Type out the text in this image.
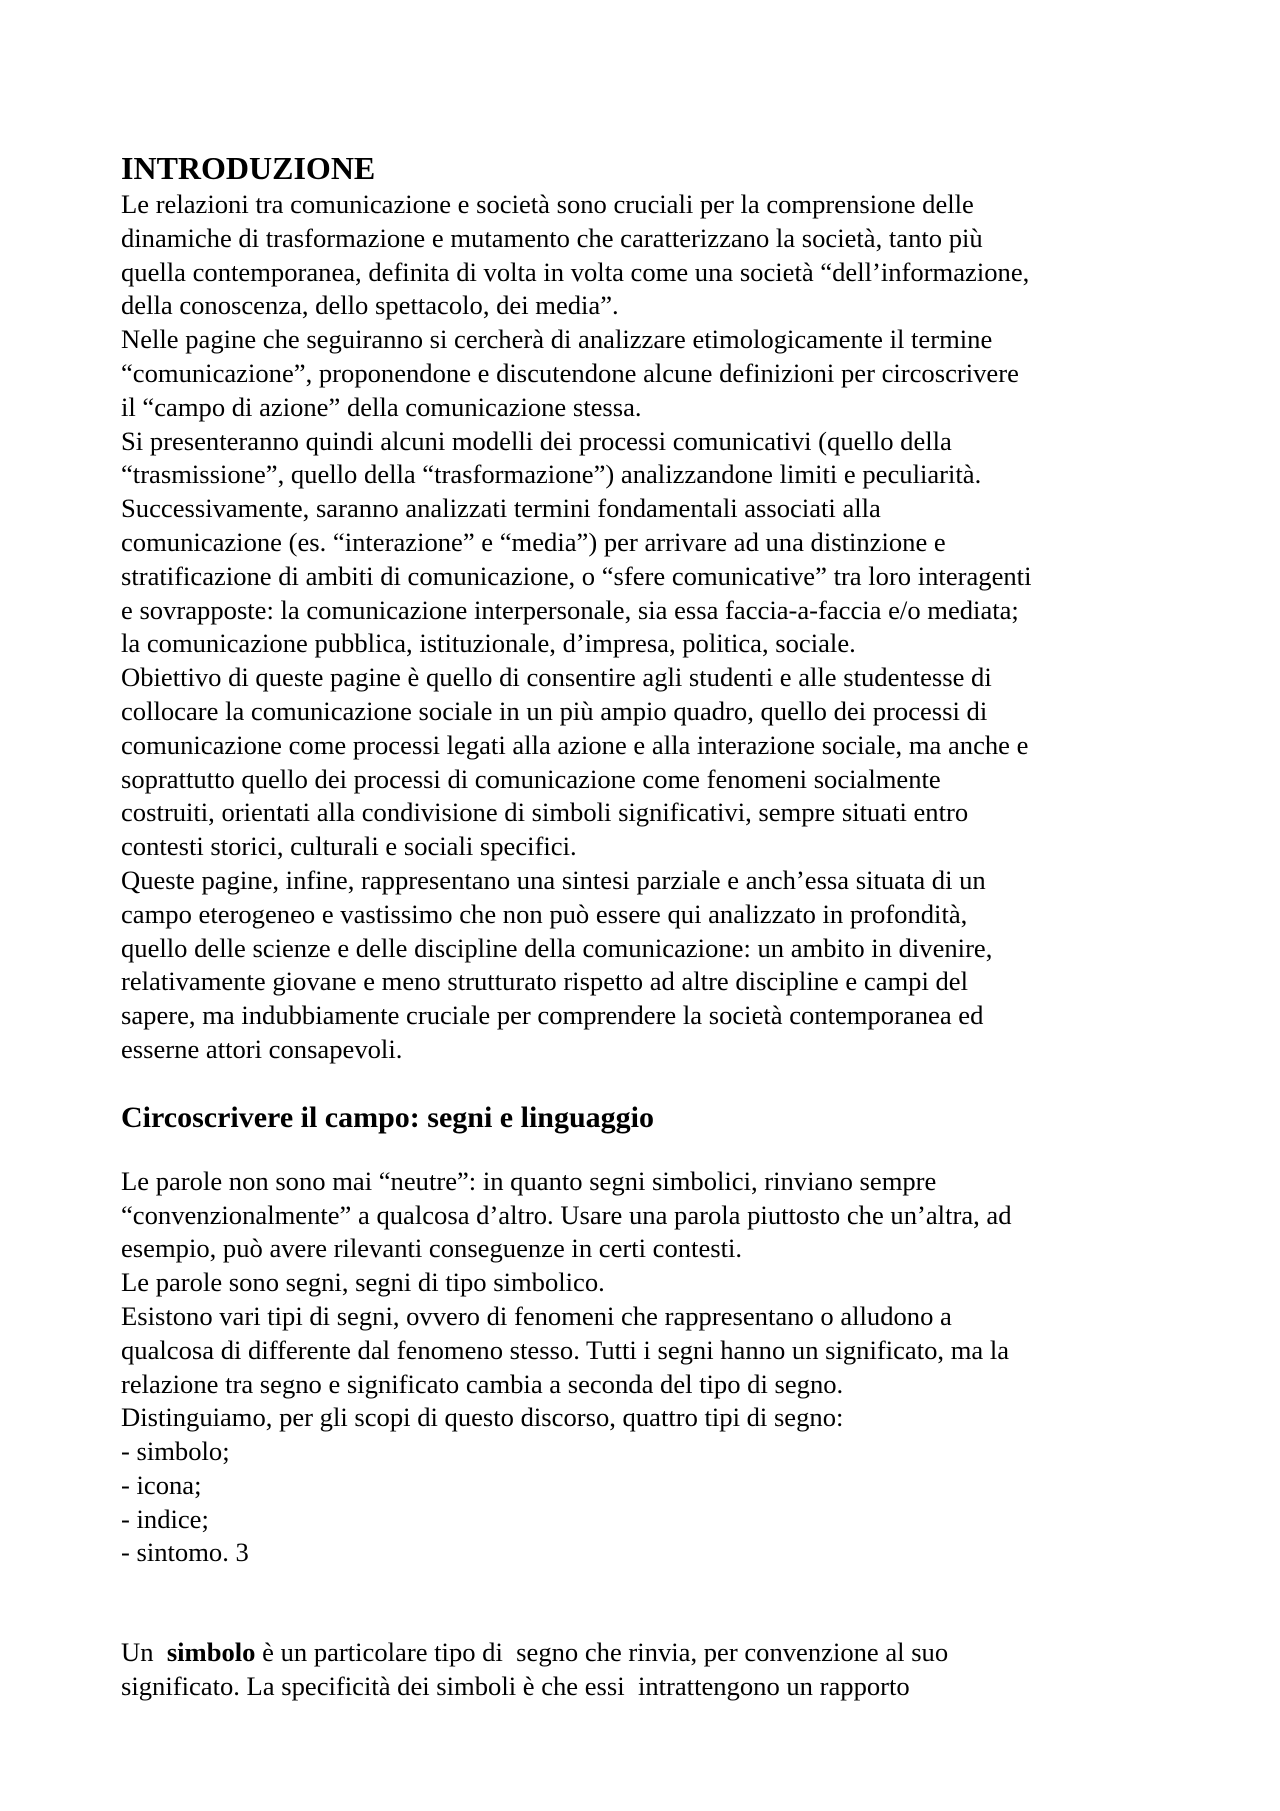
INTRODUZIONE
Le relazioni tra comunicazione e società sono cruciali per la comprensione delle
dinamiche di trasformazione e mutamento che caratterizzano la società, tanto più
quella contemporanea, definita di volta in volta come una società “dell’informazione,
della conoscenza, dello spettacolo, dei media”.
Nelle pagine che seguiranno si cercherà di analizzare etimologicamente il termine
“comunicazione”, proponendone e discutendone alcune definizioni per circoscrivere
il “campo di azione” della comunicazione stessa.
Si presenteranno quindi alcuni modelli dei processi comunicativi (quello della
“trasmissione”, quello della “trasformazione”) analizzandone limiti e peculiarità.
Successivamente, saranno analizzati termini fondamentali associati alla
comunicazione (es. “interazione” e “media”) per arrivare ad una distinzione e
stratificazione di ambiti di comunicazione, o “sfere comunicative” tra loro interagenti
e sovrapposte: la comunicazione interpersonale, sia essa faccia-a-faccia e/o mediata;
la comunicazione pubblica, istituzionale, d’impresa, politica, sociale.
Obiettivo di queste pagine è quello di consentire agli studenti e alle studentesse di
collocare la comunicazione sociale in un più ampio quadro, quello dei processi di
comunicazione come processi legati alla azione e alla interazione sociale, ma anche e
soprattutto quello dei processi di comunicazione come fenomeni socialmente
costruiti, orientati alla condivisione di simboli significativi, sempre situati entro
contesti storici, culturali e sociali specifici.
Queste pagine, infine, rappresentano una sintesi parziale e anch’essa situata di un
campo eterogeneo e vastissimo che non può essere qui analizzato in profondità,
quello delle scienze e delle discipline della comunicazione: un ambito in divenire,
relativamente giovane e meno strutturato rispetto ad altre discipline e campi del
sapere, ma indubbiamente cruciale per comprendere la società contemporanea ed
esserne attori consapevoli.
Circoscrivere il campo: segni e linguaggio
Le parole non sono mai “neutre”: in quanto segni simbolici, rinviano sempre
“convenzionalmente” a qualcosa d’altro. Usare una parola piuttosto che un’altra, ad
esempio, può avere rilevanti conseguenze in certi contesti.
Le parole sono segni, segni di tipo simbolico.
Esistono vari tipi di segni, ovvero di fenomeni che rappresentano o alludono a
qualcosa di differente dal fenomeno stesso. Tutti i segni hanno un significato, ma la
relazione tra segno e significato cambia a seconda del tipo di segno.
Distinguiamo, per gli scopi di questo discorso, quattro tipi di segno:
- simbolo;
- icona;
- indice;
- sintomo. 3
Un  simbolo è un particolare tipo di  segno che rinvia, per convenzione al suo
significato. La specificità dei simboli è che essi  intrattengono un rapporto
